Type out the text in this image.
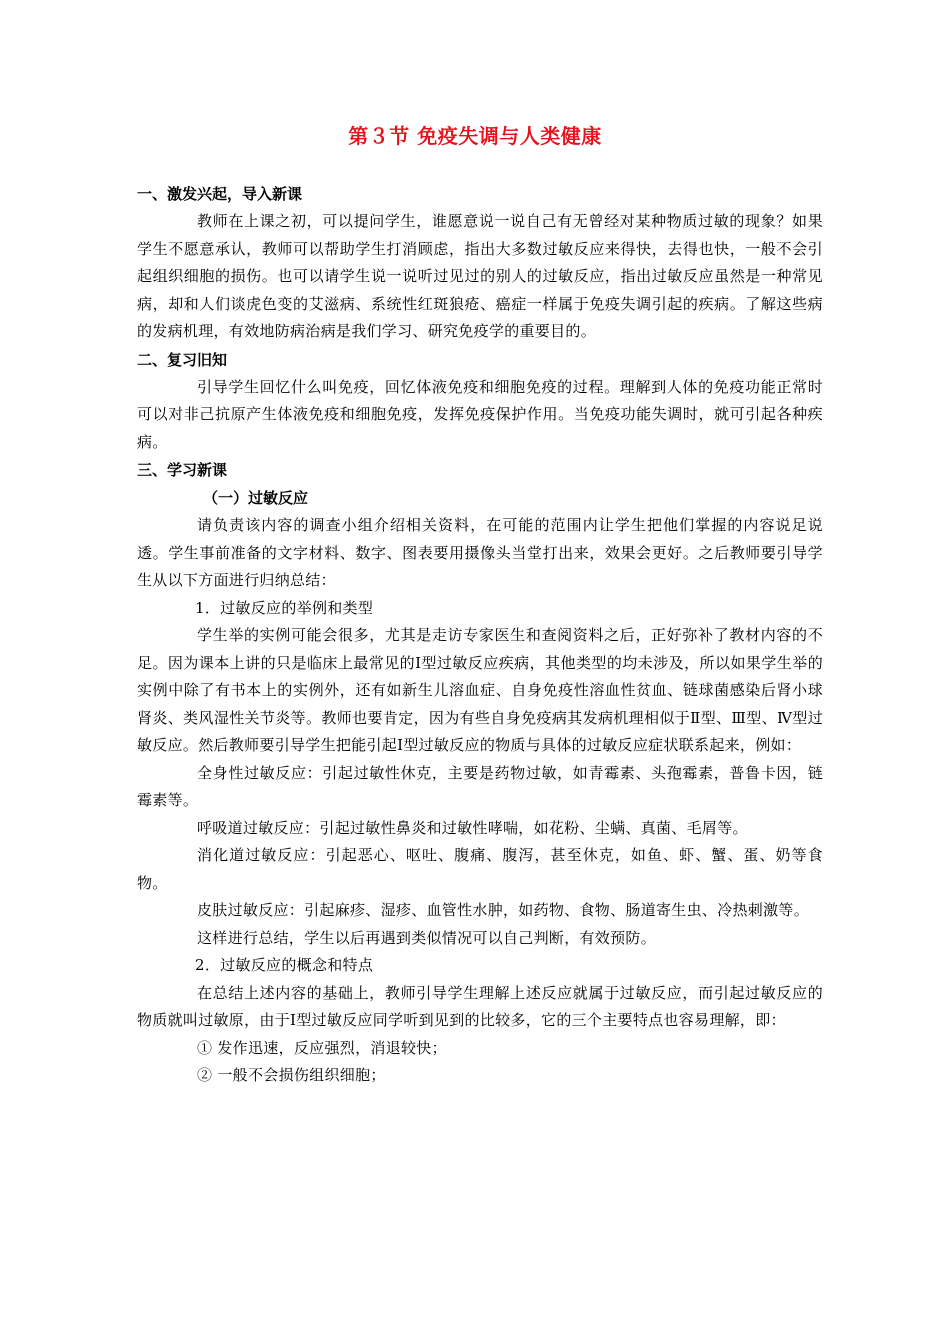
第３节 免疫失调与人类健康
一、激发兴起，导入新课
教师在上课之初，可以提问学生，谁愿意说一说自己有无曾经对某种物质过敏的现象？如果学生不愿意承认，教师可以帮助学生打消顾虑，指出大多数过敏反应来得快，去得也快，一般不会引起组织细胞的损伤。也可以请学生说一说听过见过的别人的过敏反应，指出过敏反应虽然是一种常见病，却和人们谈虎色变的艾滋病、系统性红斑狼疮、癌症一样属于免疫失调引起的疾病。了解这些病的发病机理，有效地防病治病是我们学习、研究免疫学的重要目的。
二、复习旧知
引导学生回忆什么叫免疫，回忆体液免疫和细胞免疫的过程。理解到人体的免疫功能正常时可以对非己抗原产生体液免疫和细胞免疫，发挥免疫保护作用。当免疫功能失调时，就可引起各种疾病。
三、学习新课
（一）过敏反应
请负责该内容的调查小组介绍相关资料，在可能的范围内让学生把他们掌握的内容说足说透。学生事前准备的文字材料、数字、图表要用摄像头当堂打出来，效果会更好。之后教师要引导学生从以下方面进行归纳总结：
1．过敏反应的举例和类型
学生举的实例可能会很多，尤其是走访专家医生和查阅资料之后，正好弥补了教材内容的不足。因为课本上讲的只是临床上最常见的Ⅰ型过敏反应疾病，其他类型的均未涉及，所以如果学生举的实例中除了有书本上的实例外，还有如新生儿溶血症、自身免疫性溶血性贫血、链球菌感染后肾小球肾炎、类风湿性关节炎等。教师也要肯定，因为有些自身免疫病其发病机理相似于Ⅱ型、Ⅲ型、Ⅳ型过敏反应。然后教师要引导学生把能引起Ⅰ型过敏反应的物质与具体的过敏反应症状联系起来，例如：
全身性过敏反应：引起过敏性休克，主要是药物过敏，如青霉素、头孢霉素，普鲁卡因，链霉素等。
呼吸道过敏反应：引起过敏性鼻炎和过敏性哮喘，如花粉、尘螨、真菌、毛屑等。
消化道过敏反应：引起恶心、呕吐、腹痛、腹泻，甚至休克，如鱼、虾、蟹、蛋、奶等食物。
皮肤过敏反应：引起麻疹、湿疹、血管性水肿，如药物、食物、肠道寄生虫、冷热刺激等。
这样进行总结，学生以后再遇到类似情况可以自己判断，有效预防。
2．过敏反应的概念和特点
在总结上述内容的基础上，教师引导学生理解上述反应就属于过敏反应，而引起过敏反应的物质就叫过敏原，由于Ⅰ型过敏反应同学听到见到的比较多，它的三个主要特点也容易理解，即：
① 发作迅速，反应强烈，消退较快；
② 一般不会损伤组织细胞；
